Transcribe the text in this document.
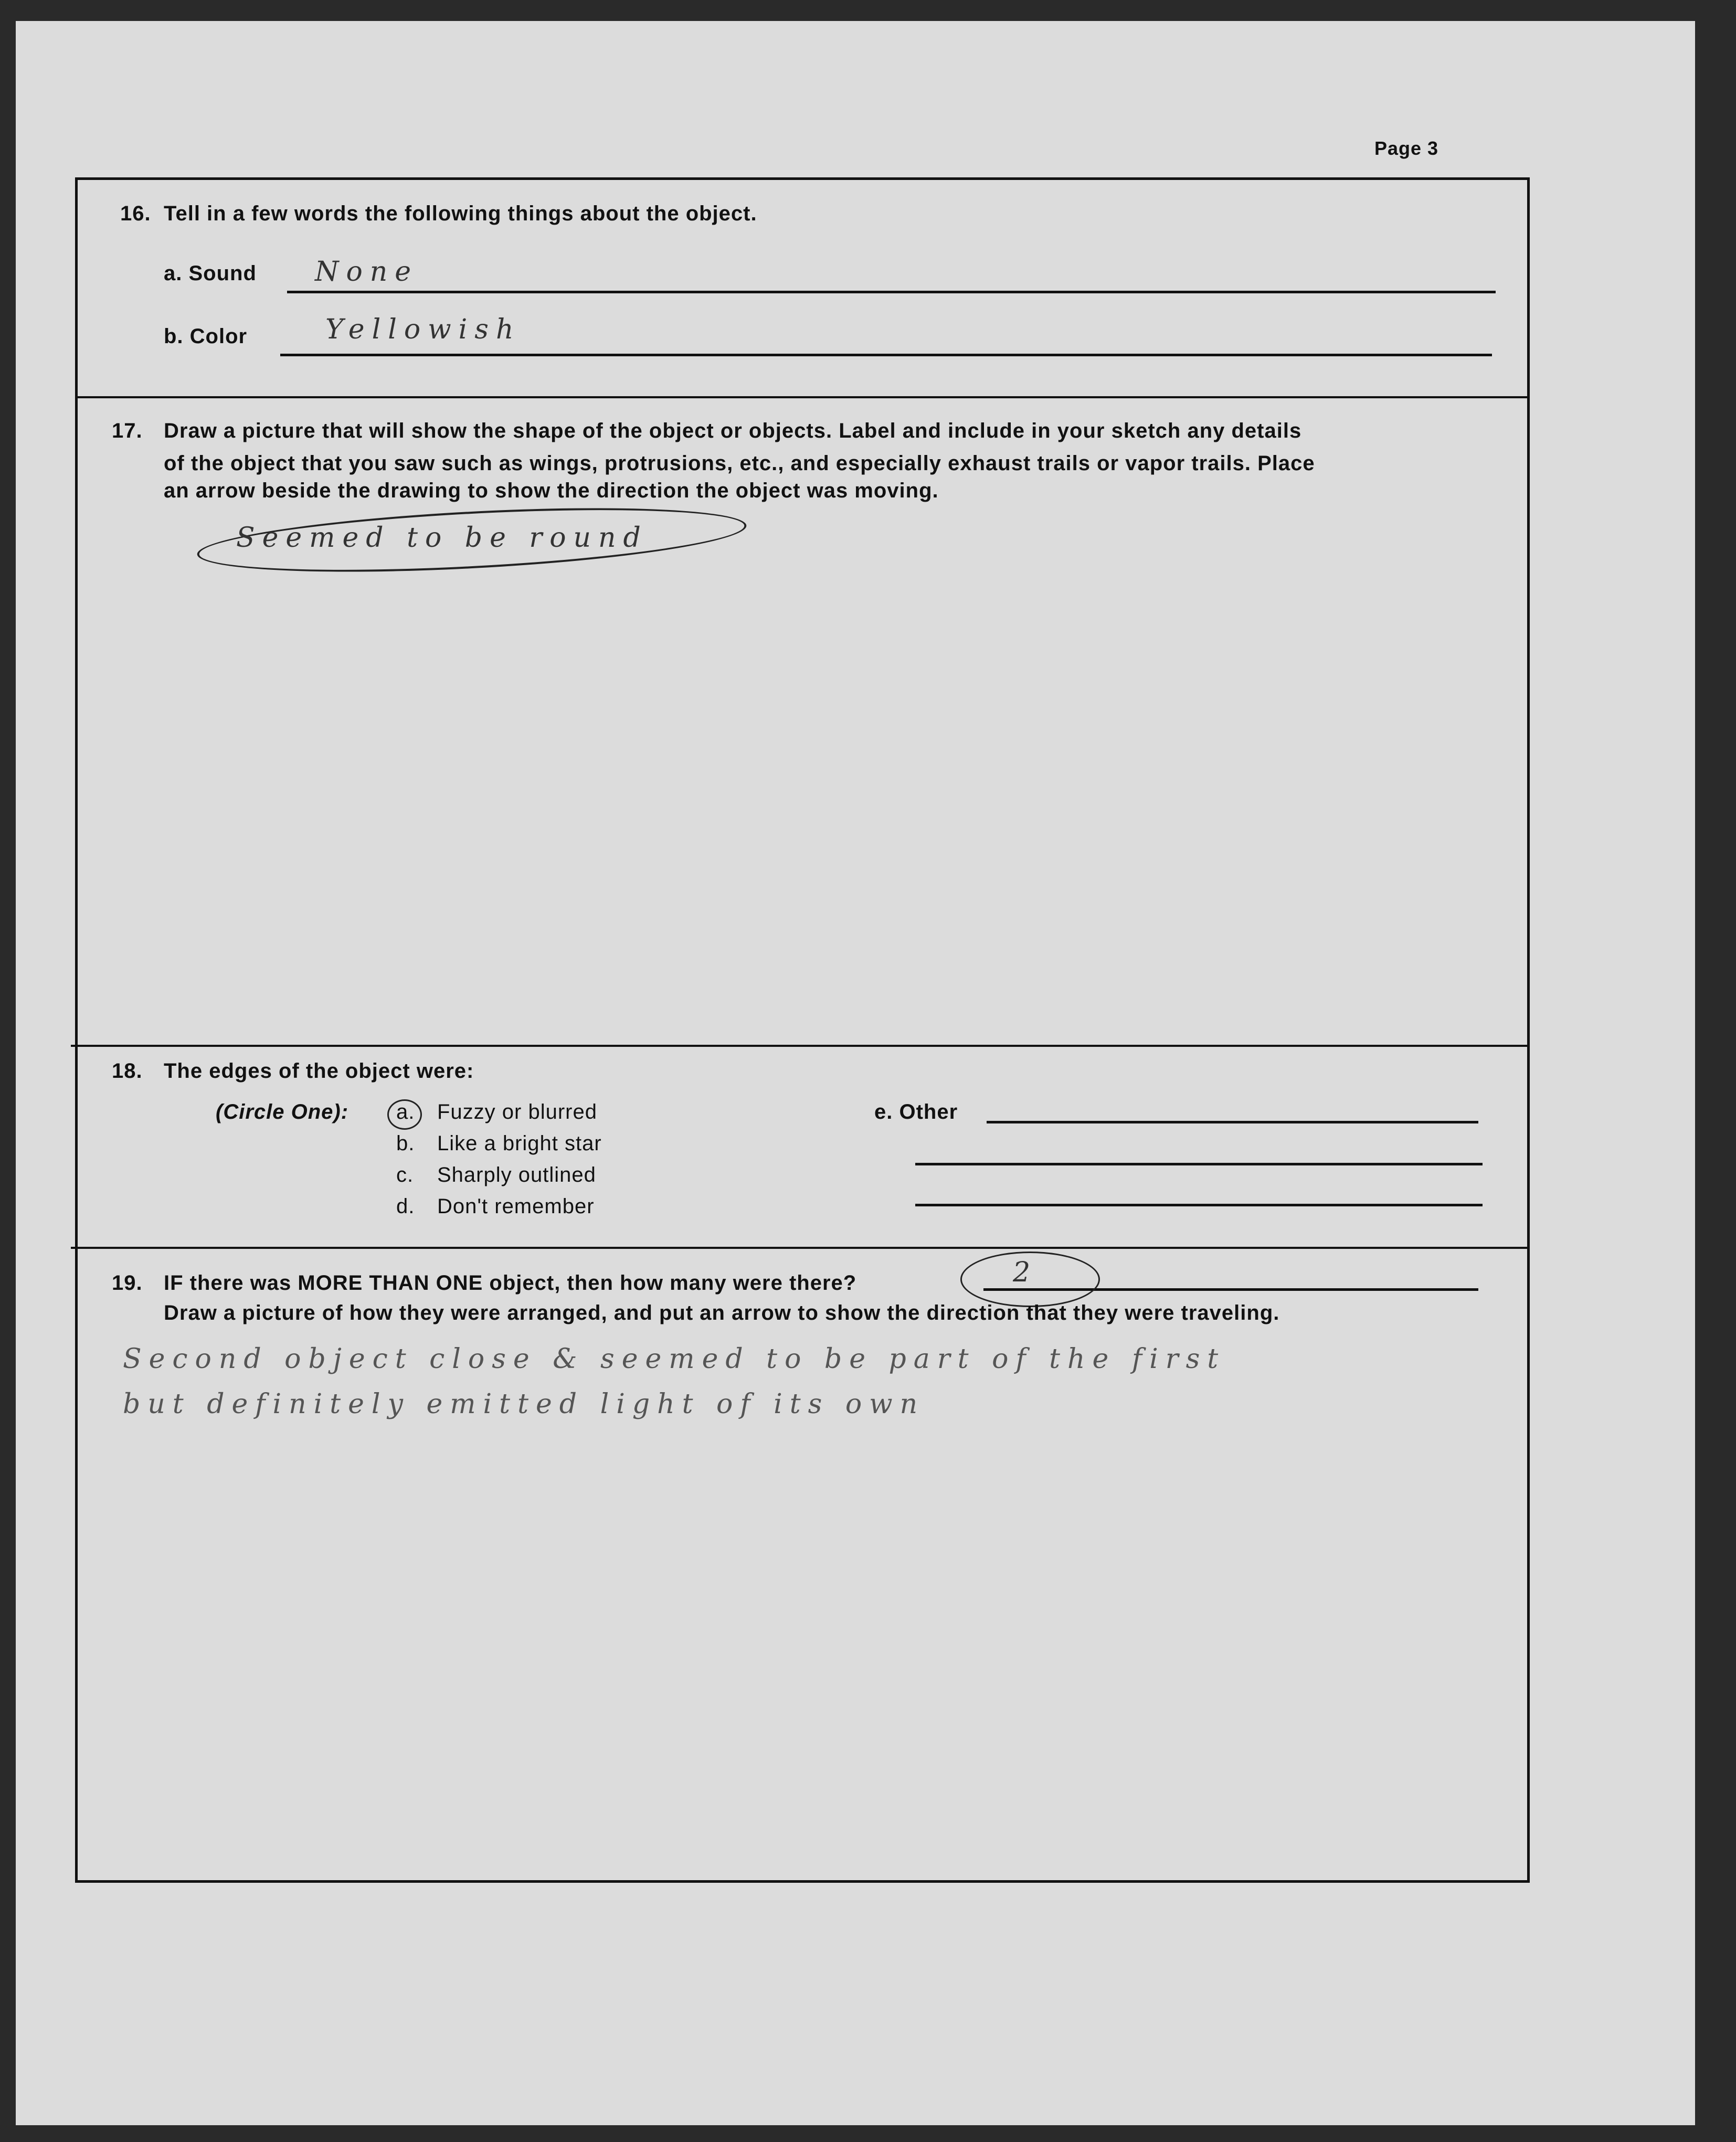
Page 3
16. Tell in a few words the following things about the object.
a. Sound None
b. Color	Yellowish
17. Draw a picture that will show the shape of the object or objects. Label and include in your sketch any details
of the object that you saw such as wings, protrusions, etc., and especially exhaust trails or vapor trails. Place
an arrow beside the drawing to show the direction the object was moving.
Seemed to be round
18. The edges of the object were:
(Circle One): a. Fuzzy or blurred
b. Like a bright star
c. Sharply outlined
d. Don't remember
e. Other
19. IF there was MORE THAN ONE object, then how many were there?	2
Draw a picture of how they were arranged, and put an arrow to show the direction that they were traveling.
Second object close & seemed to be part of the first
but definitely emitted light of its own
